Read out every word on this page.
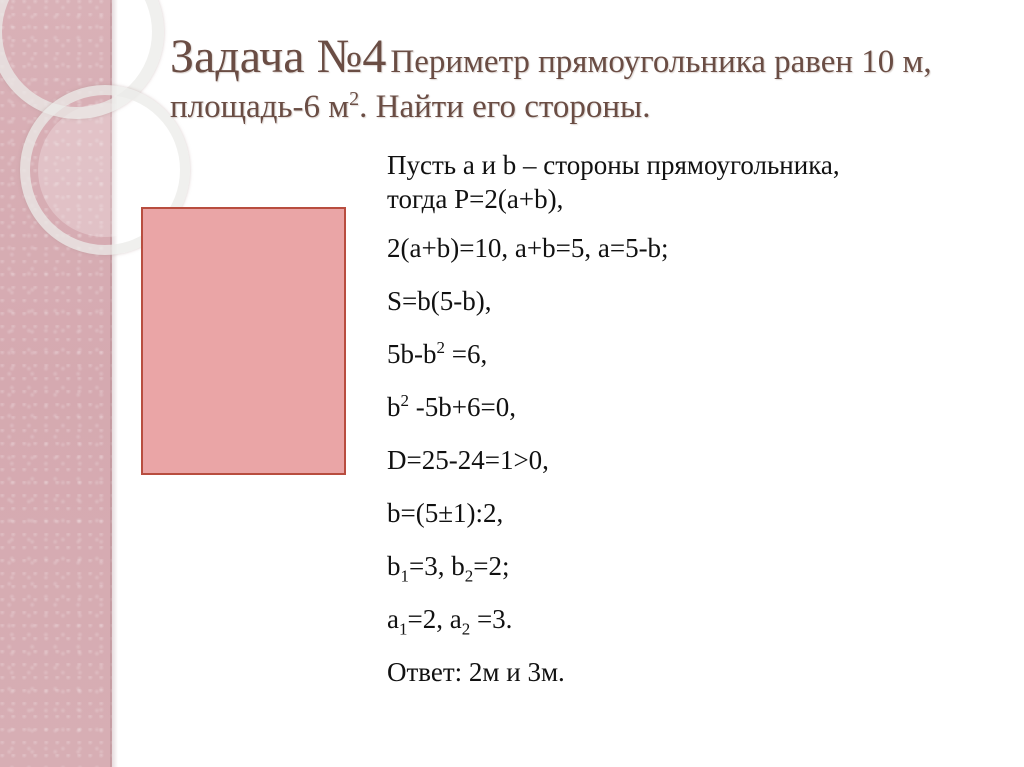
Задача №4 Периметр прямоугольника равен 10 м, площадь-6 $м^2$. Найти его стороны.
Пусть a и b – стороны прямоугольника,
тогда P=2(a+b),
2(a+b)=10, a+b=5, a=5-b;
S=b(5-b),
$5b-b^2 =6$,
$b^2$ -5b+6=0,
D=25-24=1>0,
b=(5±1):2,
$b_1=3$, $b_2=2$;
$a_1=2$, $a_2 =3$.
Ответ: 2м и 3м.
